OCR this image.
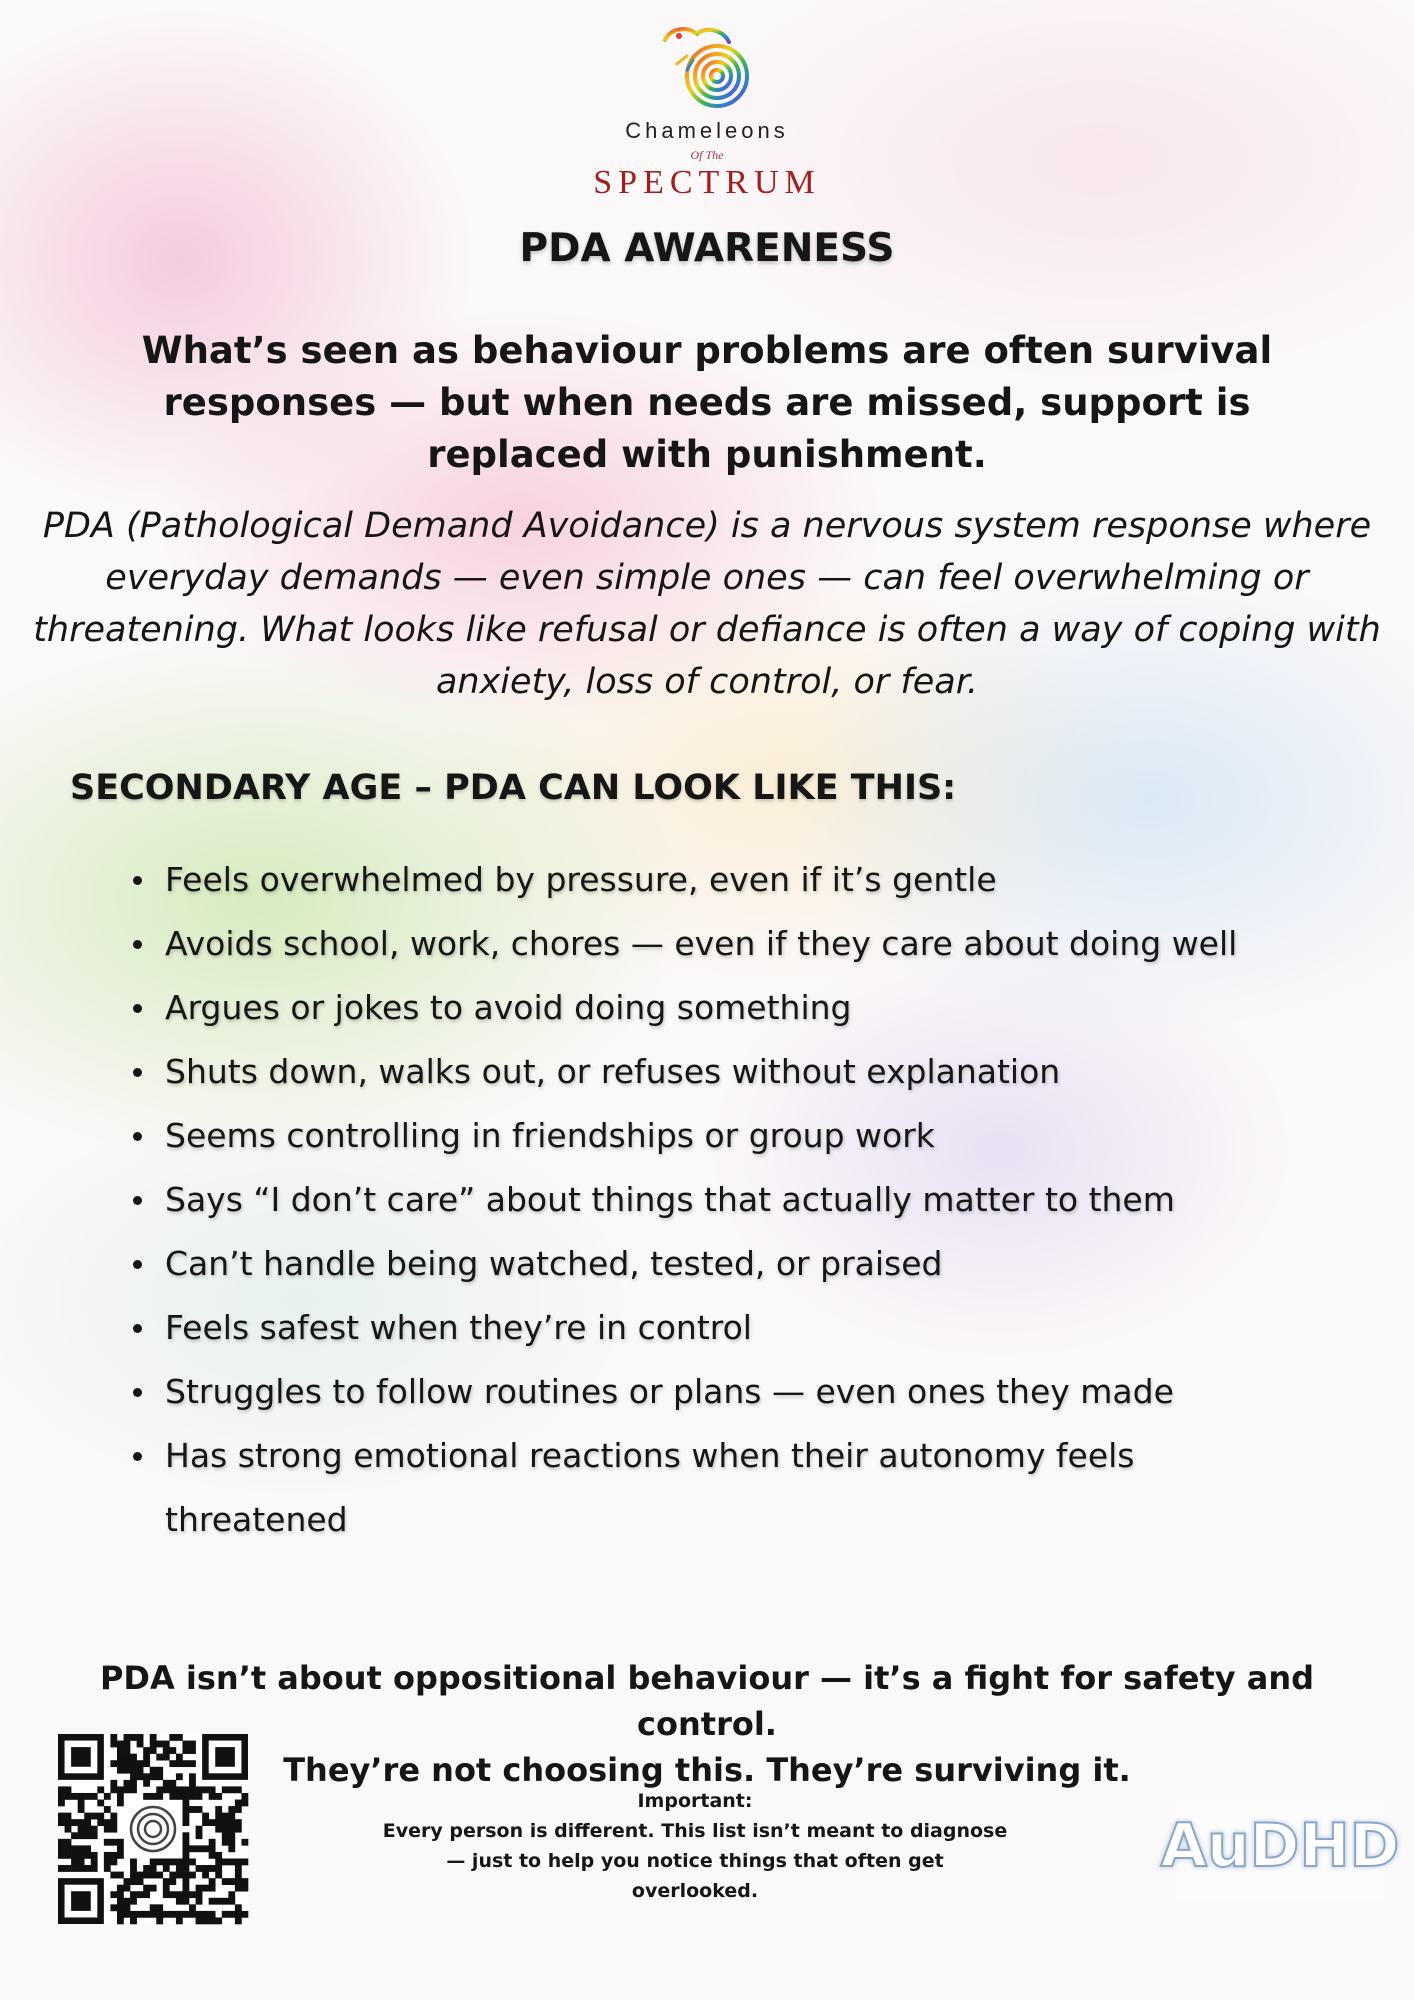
Chameleons
Of The
SPECTRUM
PDA AWARENESS
What’s seen as behaviour problems are often survival responses — but when needs are missed, support is replaced with punishment.
PDA (Pathological Demand Avoidance) is a nervous system response where everyday demands — even simple ones — can feel overwhelming or threatening. What looks like refusal or defiance is often a way of coping with anxiety, loss of control, or fear.
SECONDARY AGE – PDA CAN LOOK LIKE THIS:
Feels overwhelmed by pressure, even if it’s gentle
Avoids school, work, chores — even if they care about doing well
Argues or jokes to avoid doing something
Shuts down, walks out, or refuses without explanation
Seems controlling in friendships or group work
Says “I don’t care” about things that actually matter to them
Can’t handle being watched, tested, or praised
Feels safest when they’re in control
Struggles to follow routines or plans — even ones they made
Has strong emotional reactions when their autonomy feels threatened
PDA isn’t about oppositional behaviour — it’s a fight for safety and control.
They’re not choosing this. They’re surviving it.
Important:
Every person is different. This list isn’t meant to diagnose
— just to help you notice things that often get
overlooked.
AuDHD
